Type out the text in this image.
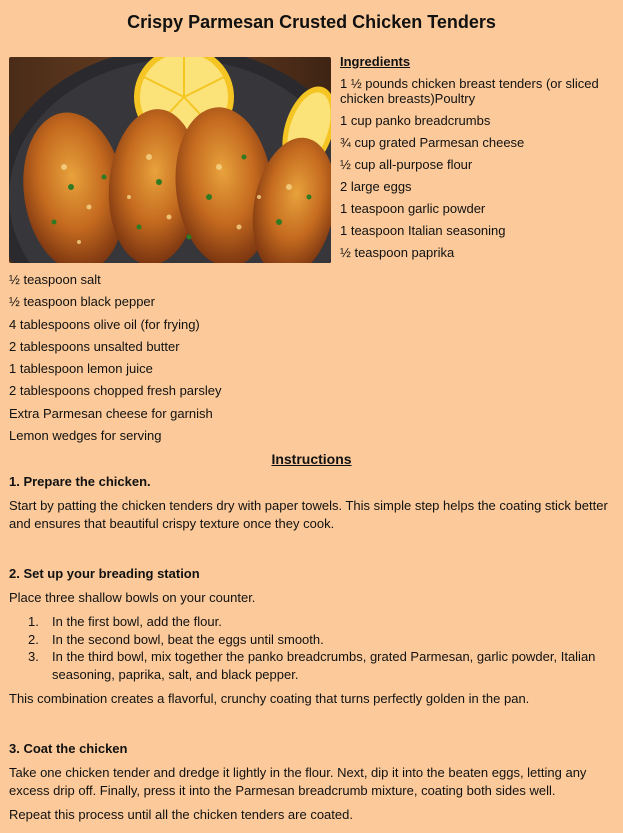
Crispy Parmesan Crusted Chicken Tenders
Ingredients
1 ½ pounds chicken breast tenders (or sliced chicken breasts)Poultry
1 cup panko breadcrumbs
¾ cup grated Parmesan cheese
½ cup all-purpose flour
2 large eggs
1 teaspoon garlic powder
1 teaspoon Italian seasoning
½ teaspoon paprika
½ teaspoon salt
½ teaspoon black pepper
4 tablespoons olive oil (for frying)
2 tablespoons unsalted butter
1 tablespoon lemon juice
2 tablespoons chopped fresh parsley
Extra Parmesan cheese for garnish
Lemon wedges for serving
Instructions
1. Prepare the chicken.
Start by patting the chicken tenders dry with paper towels. This simple step helps the coating stick better and ensures that beautiful crispy texture once they cook.
2. Set up your breading station
Place three shallow bowls on your counter.
1.	In the first bowl, add the flour.
2.	In the second bowl, beat the eggs until smooth.
3.	In the third bowl, mix together the panko breadcrumbs, grated Parmesan, garlic powder, Italian seasoning, paprika, salt, and black pepper.
This combination creates a flavorful, crunchy coating that turns perfectly golden in the pan.
3. Coat the chicken
Take one chicken tender and dredge it lightly in the flour. Next, dip it into the beaten eggs, letting any excess drip off. Finally, press it into the Parmesan breadcrumb mixture, coating both sides well.
Repeat this process until all the chicken tenders are coated.
